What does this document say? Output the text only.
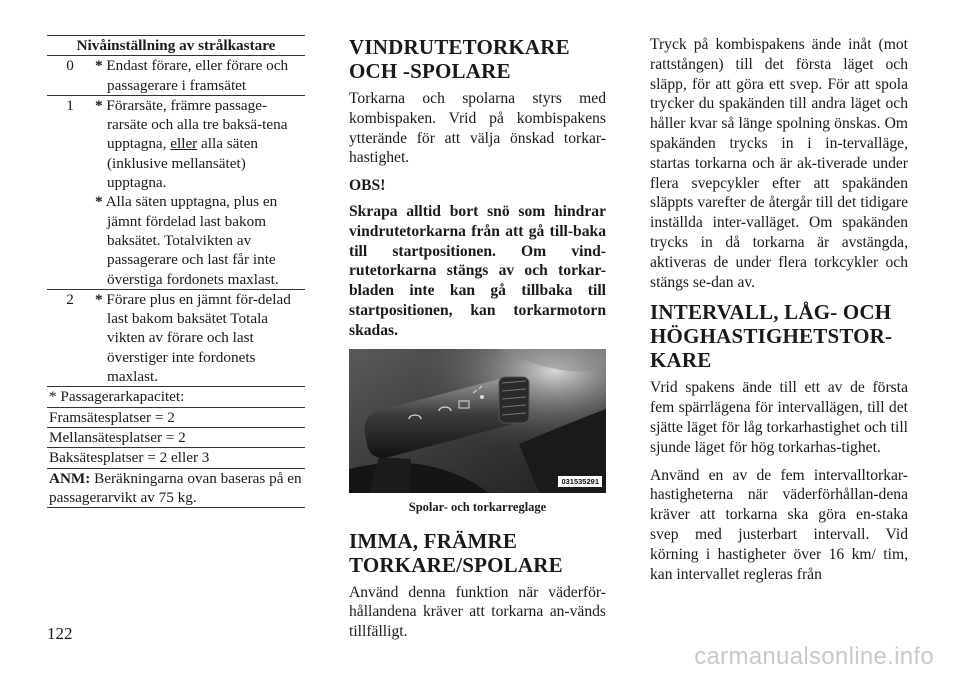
Nivåinställning av strålkastare	
0	* Endast förare, eller förare och passagerare i framsätet

1	* Förarsäte, främre passage-rarsäte och alla tre baksä-tena upptagna, eller alla säten (inklusive mellansätet) upptagna.

	* Alla säten upptagna, plus en jämnt fördelad last bakom baksätet. Totalvikten av passagerare och last får inte överstiga fordonets maxlast.

2	* Förare plus en jämnt för-delad last bakom baksätet Totala vikten av förare och last överstiger inte fordonets maxlast.

* Passagerarkapacitet:	
Framsätesplatser = 2	
Mellansätesplatser = 2	
Baksätesplatser = 2 eller 3	
ANM: Beräkningarna ovan baseras på en passagerarvikt av 75 kg.	
VINDRUTETORKARE OCH -SPOLARE

Torkarna och spolarna styrs med kombispaken. Vrid på kombispakens ytterände för att välja önskad torkar-hastighet.

OBS!

Skrapa alltid bort snö som hindrar vindrutetorkarna från att gå till-baka till startpositionen. Om vind-rutetorkarna stängs av och torkar-bladen inte kan gå tillbaka till startpositionen, kan torkarmotorn skadas.

031535291
Spolar- och torkarreglage
IMMA, FRÄMRE TORKARE/SPOLARE

Använd denna funktion när väderför-hållandena kräver att torkarna an-vänds tillfälligt.

Tryck på kombispakens ände inåt (mot rattstången) till det första läget och släpp, för att göra ett svep. För att spola trycker du spakänden till andra läget och håller kvar så länge spolning önskas. Om spakänden trycks in i in-tervalläge, startas torkarna och är ak-tiverade under flera svepcykler efter att spakänden släppts varefter de återgår till det tidigare inställda inter-valläget. Om spakänden trycks in då torkarna är avstängda, aktiveras de under flera torkcykler och stängs se-dan av.

INTERVALL, LÅG- OCH HÖGHASTIGHETSTOR-KARE

Vrid spakens ände till ett av de första fem spärrlägena för intervallägen, till det sjätte läget för låg torkarhastighet och till sjunde läget för hög torkarhas-tighet.

Använd en av de fem intervalltorkar-hastigheterna när väderförhållan-dena kräver att torkarna ska göra en-staka svep med justerbart intervall. Vid körning i hastigheter över 16 km/ tim, kan intervallet regleras från

122
carmanualsonline.info
